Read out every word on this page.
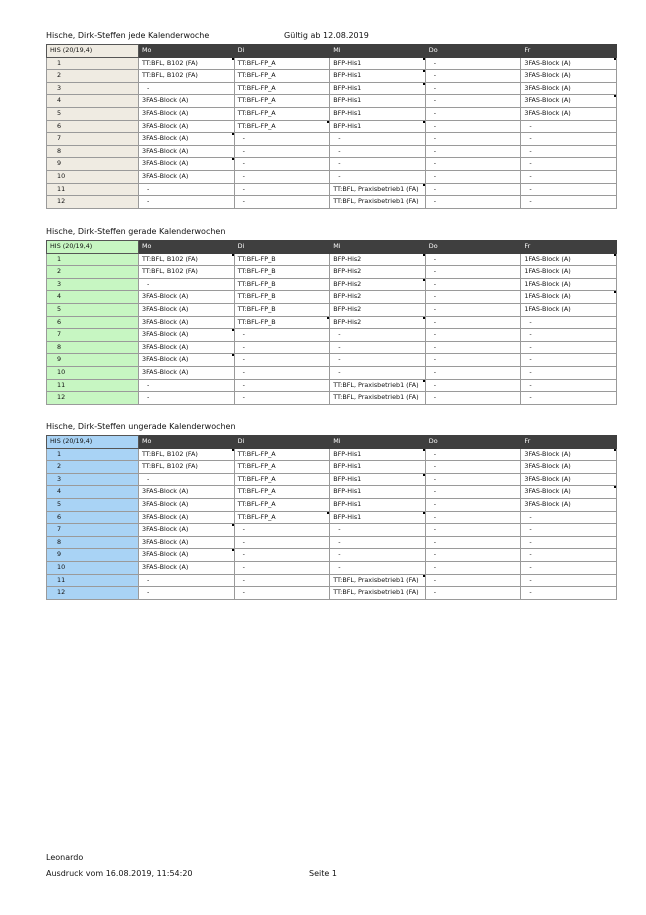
Hische, Dirk-Steffen jede Kalenderwoche	Gültig ab 12.08.2019
HIS (20/19,4)	Mo	Di	Mi	Do	Fr
1	TT:BFL, B102 (FA)	TT:BFL-FP_A	BFP-His1	-	3FAS-Block (A)

2	TT:BFL, B102 (FA)	TT:BFL-FP_A	BFP-His1	-	3FAS-Block (A)
3	-	TT:BFL-FP_A	BFP-His1	-	3FAS-Block (A)
4	3FAS-Block (A)	TT:BFL-FP_A	BFP-His1	-	3FAS-Block (A)

5	3FAS-Block (A)	TT:BFL-FP_A	BFP-His1	-	3FAS-Block (A)
6	3FAS-Block (A)	TT:BFL-FP_A	BFP-His1	-	-
7	3FAS-Block (A)	-	-	-	-
8	3FAS-Block (A)	-	-	-	-
9	3FAS-Block (A)	-	-	-	-
10	3FAS-Block (A)	-	-	-	-
11	-	-	TT:BFL, Praxisbetrieb1 (FA)	-	-
12	-	-	TT:BFL, Praxisbetrieb1 (FA)	-	-
Hische, Dirk-Steffen gerade Kalenderwochen
HIS (20/19,4)	Mo	Di	Mi	Do	Fr
1	TT:BFL, B102 (FA)	TT:BFL-FP_B	BFP-His2	-	1FAS-Block (A)

2	TT:BFL, B102 (FA)	TT:BFL-FP_B	BFP-His2	-	1FAS-Block (A)
3	-	TT:BFL-FP_B	BFP-His2	-	1FAS-Block (A)
4	3FAS-Block (A)	TT:BFL-FP_B	BFP-His2	-	1FAS-Block (A)

5	3FAS-Block (A)	TT:BFL-FP_B	BFP-His2	-	1FAS-Block (A)
6	3FAS-Block (A)	TT:BFL-FP_B	BFP-His2	-	-
7	3FAS-Block (A)	-	-	-	-
8	3FAS-Block (A)	-	-	-	-
9	3FAS-Block (A)	-	-	-	-
10	3FAS-Block (A)	-	-	-	-
11	-	-	TT:BFL, Praxisbetrieb1 (FA)	-	-
12	-	-	TT:BFL, Praxisbetrieb1 (FA)	-	-
Hische, Dirk-Steffen ungerade Kalenderwochen
HIS (20/19,4)	Mo	Di	Mi	Do	Fr
1	TT:BFL, B102 (FA)	TT:BFL-FP_A	BFP-His1	-	3FAS-Block (A)

2	TT:BFL, B102 (FA)	TT:BFL-FP_A	BFP-His1	-	3FAS-Block (A)
3	-	TT:BFL-FP_A	BFP-His1	-	3FAS-Block (A)
4	3FAS-Block (A)	TT:BFL-FP_A	BFP-His1	-	3FAS-Block (A)

5	3FAS-Block (A)	TT:BFL-FP_A	BFP-His1	-	3FAS-Block (A)
6	3FAS-Block (A)	TT:BFL-FP_A	BFP-His1	-	-
7	3FAS-Block (A)	-	-	-	-
8	3FAS-Block (A)	-	-	-	-
9	3FAS-Block (A)	-	-	-	-
10	3FAS-Block (A)	-	-	-	-
11	-	-	TT:BFL, Praxisbetrieb1 (FA)	-	-
12	-	-	TT:BFL, Praxisbetrieb1 (FA)	-	-
Leonardo
Ausdruck vom 16.08.2019, 11:54:20	Seite 1
